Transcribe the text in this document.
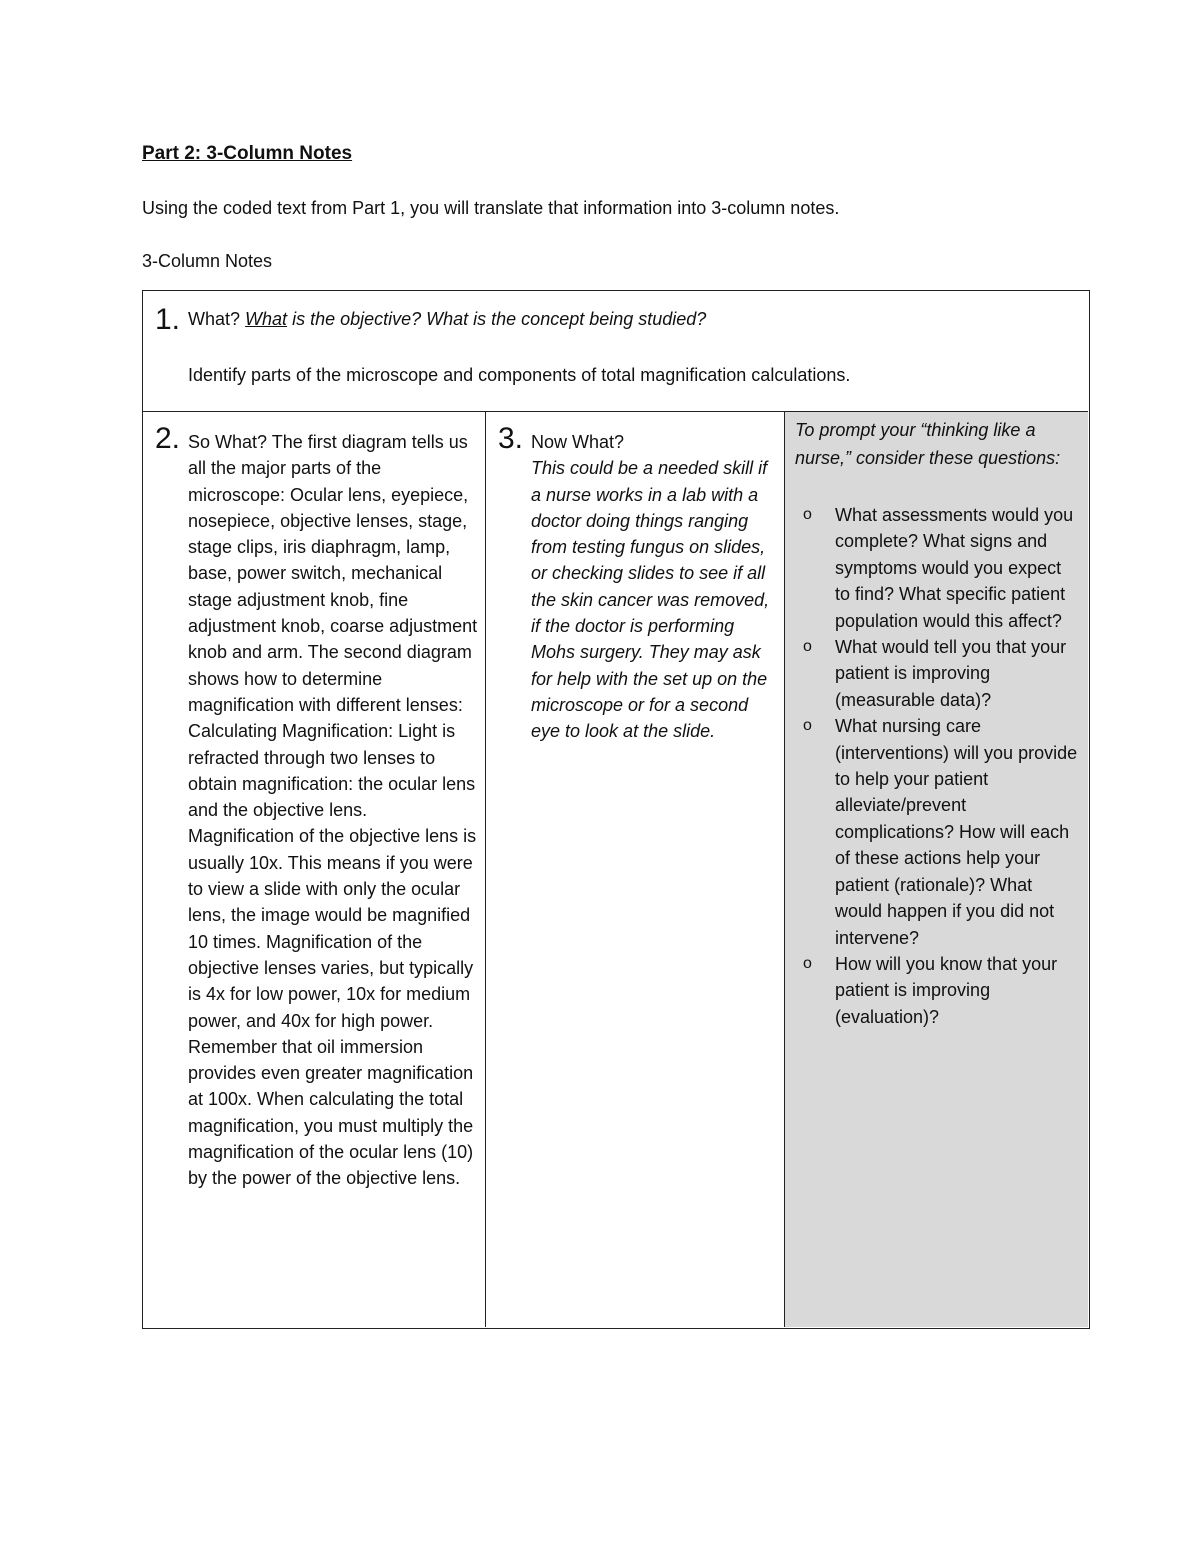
Part 2: 3-Column Notes

Using the coded text from Part 1, you will translate that information into 3-column notes.

3-Column Notes

1. What? What is the objective? What is the concept being studied?
Identify parts of the microscope and components of total magnification calculations.
2. So What? The first diagram tells us all the major parts of the microscope: Ocular lens, eyepiece, nosepiece, objective lenses, stage, stage clips, iris diaphragm, lamp, base, power switch, mechanical stage adjustment knob, fine adjustment knob, coarse adjustment knob and arm. The second diagram shows how to determine magnification with different lenses: Calculating Magnification: Light is refracted through two lenses to obtain magnification: the ocular lens and the objective lens. Magnification of the objective lens is usually 10x. This means if you were to view a slide with only the ocular lens, the image would be magnified 10 times. Magnification of the objective lenses varies, but typically is 4x for low power, 10x for medium power, and 40x for high power. Remember that oil immersion provides even greater magnification at 100x. When calculating the total magnification, you must multiply the magnification of the ocular lens (10) by the power of the objective lens.
3. Now What?
This could be a needed skill if a nurse works in a lab with a doctor doing things ranging from testing fungus on slides, or checking slides to see if all the skin cancer was removed, if the doctor is performing Mohs surgery. They may ask for help with the set up on the microscope or for a second eye to look at the slide.
To prompt your “thinking like a nurse,” consider these questions:
o What assessments would you complete? What signs and symptoms would you expect to find? What specific patient population would this affect?
o What would tell you that your patient is improving (measurable data)?
o What nursing care (interventions) will you provide to help your patient alleviate/prevent complications? How will each of these actions help your patient (rationale)? What would happen if you did not intervene?
o How will you know that your patient is improving (evaluation)?
